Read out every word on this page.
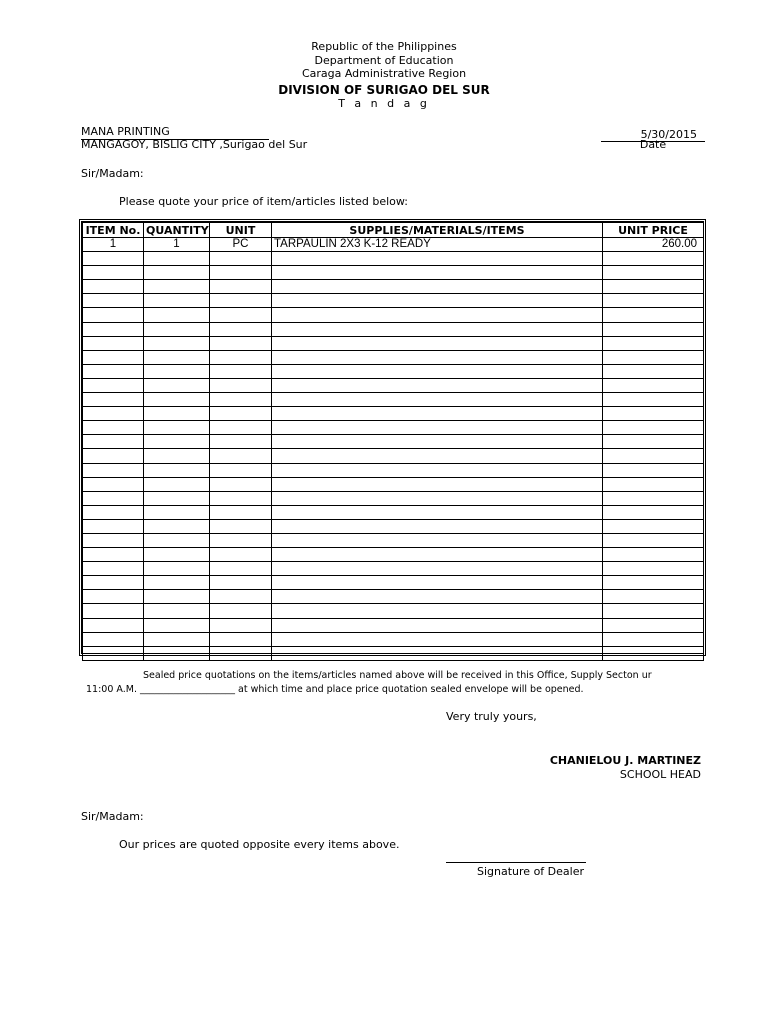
Republic of the Philippines
Department of Education
Caraga Administrative Region
DIVISION OF SURIGAO DEL SUR
T a n d a g
MANA PRINTING
MANGAGOY, BISLIG CITY ,Surigao del Sur
5/30/2015
Date
Sir/Madam:
Please quote your price of item/articles listed below:
ITEM No.	QUANTITY	UNIT	SUPPLIES/MATERIALS/ITEMS	UNIT PRICE
1	1	PC	TARPAULIN 2X3 K-12 READY	260.00

Sealed price quotations on the items/articles named above will be received in this Office, Supply Secton ur
11:00 A.M. ____________________ at which time and place price quotation sealed envelope will be opened.
Very truly yours,
CHANIELOU J. MARTINEZ
SCHOOL HEAD
Sir/Madam:
Our prices are quoted opposite every items above.
Signature of Dealer
